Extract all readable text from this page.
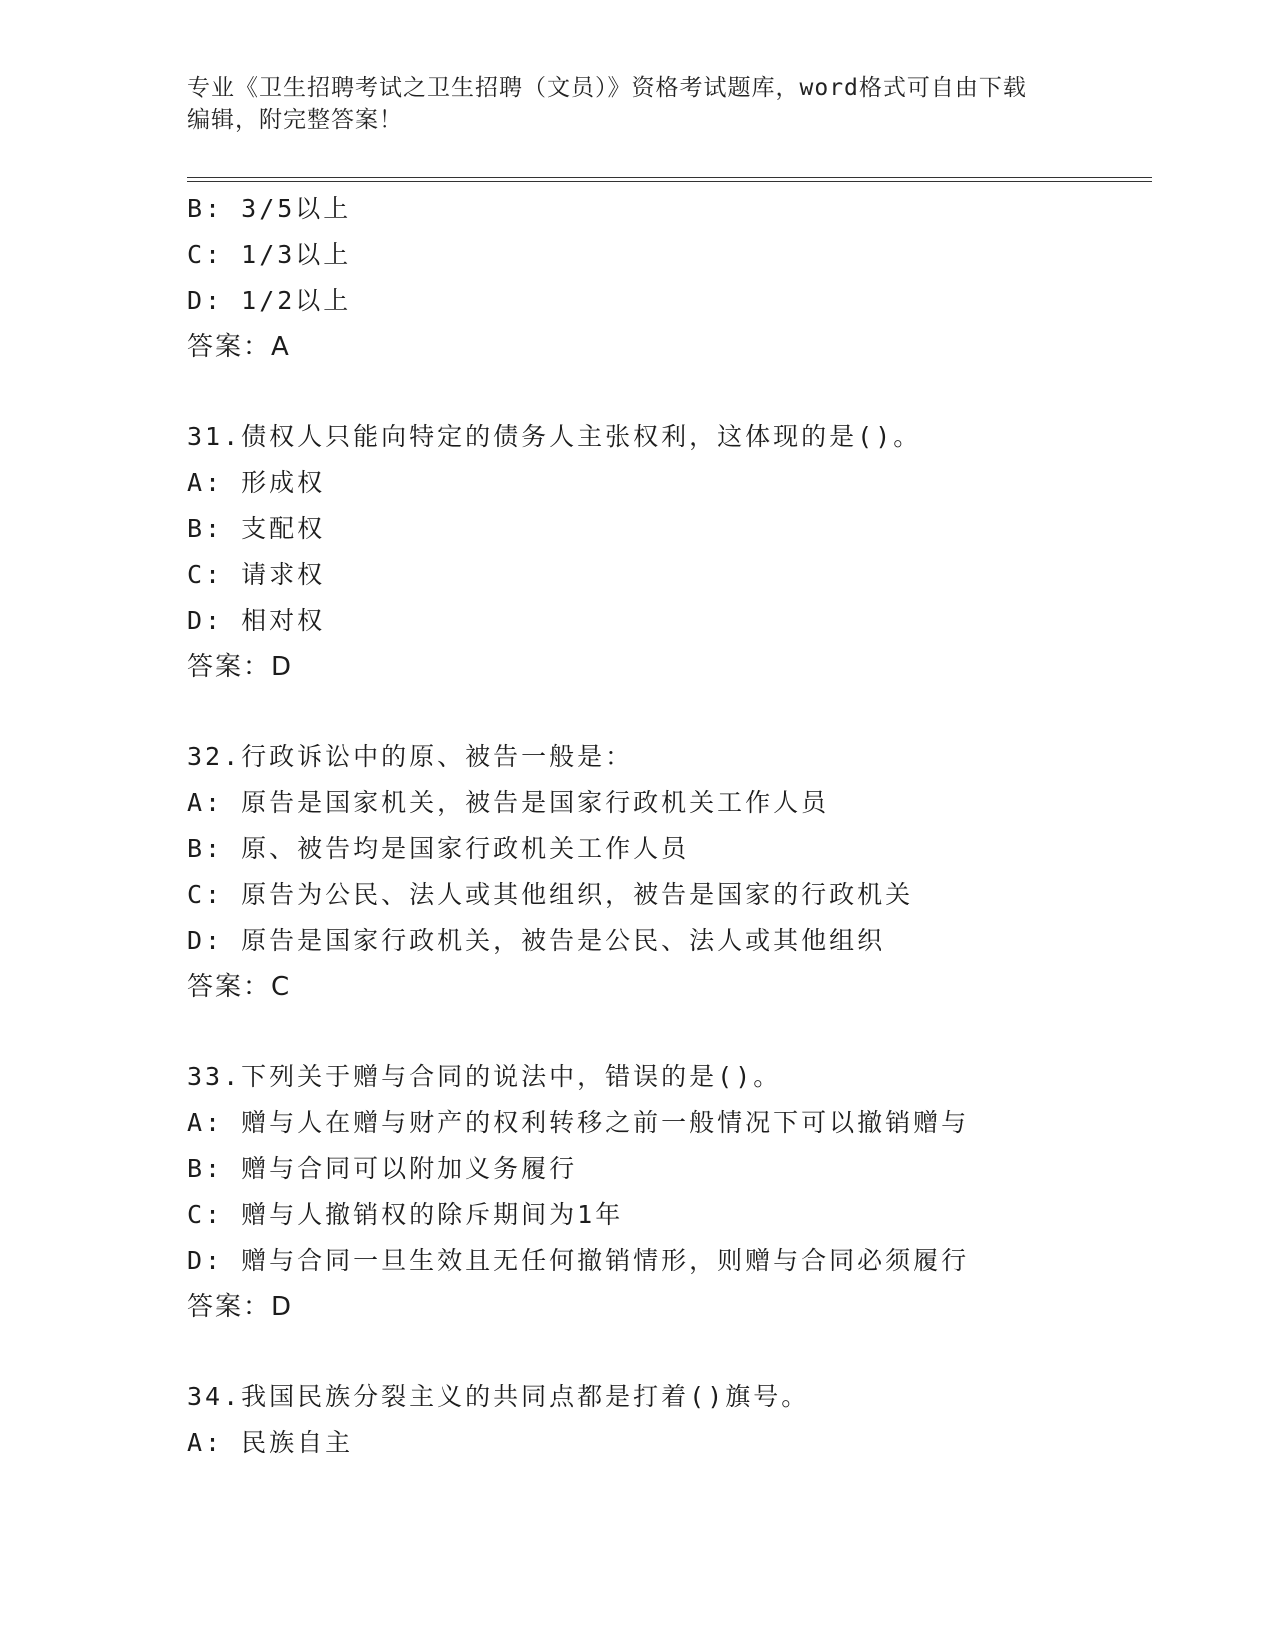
专业《卫生招聘考试之卫生招聘（文员）》资格考试题库，word格式可自由下载
编辑，附完整答案！
B: 3/5以上
C: 1/3以上
D: 1/2以上
答案：A
31.债权人只能向特定的债务人主张权利，这体现的是()。
A: 形成权
B: 支配权
C: 请求权
D: 相对权
答案：D
32.行政诉讼中的原、被告一般是：
A: 原告是国家机关，被告是国家行政机关工作人员
B: 原、被告均是国家行政机关工作人员
C: 原告为公民、法人或其他组织，被告是国家的行政机关
D: 原告是国家行政机关，被告是公民、法人或其他组织
答案：C
33.下列关于赠与合同的说法中，错误的是()。
A: 赠与人在赠与财产的权利转移之前一般情况下可以撤销赠与
B: 赠与合同可以附加义务履行
C: 赠与人撤销权的除斥期间为1年
D: 赠与合同一旦生效且无任何撤销情形，则赠与合同必须履行
答案：D
34.我国民族分裂主义的共同点都是打着()旗号。
A: 民族自主
